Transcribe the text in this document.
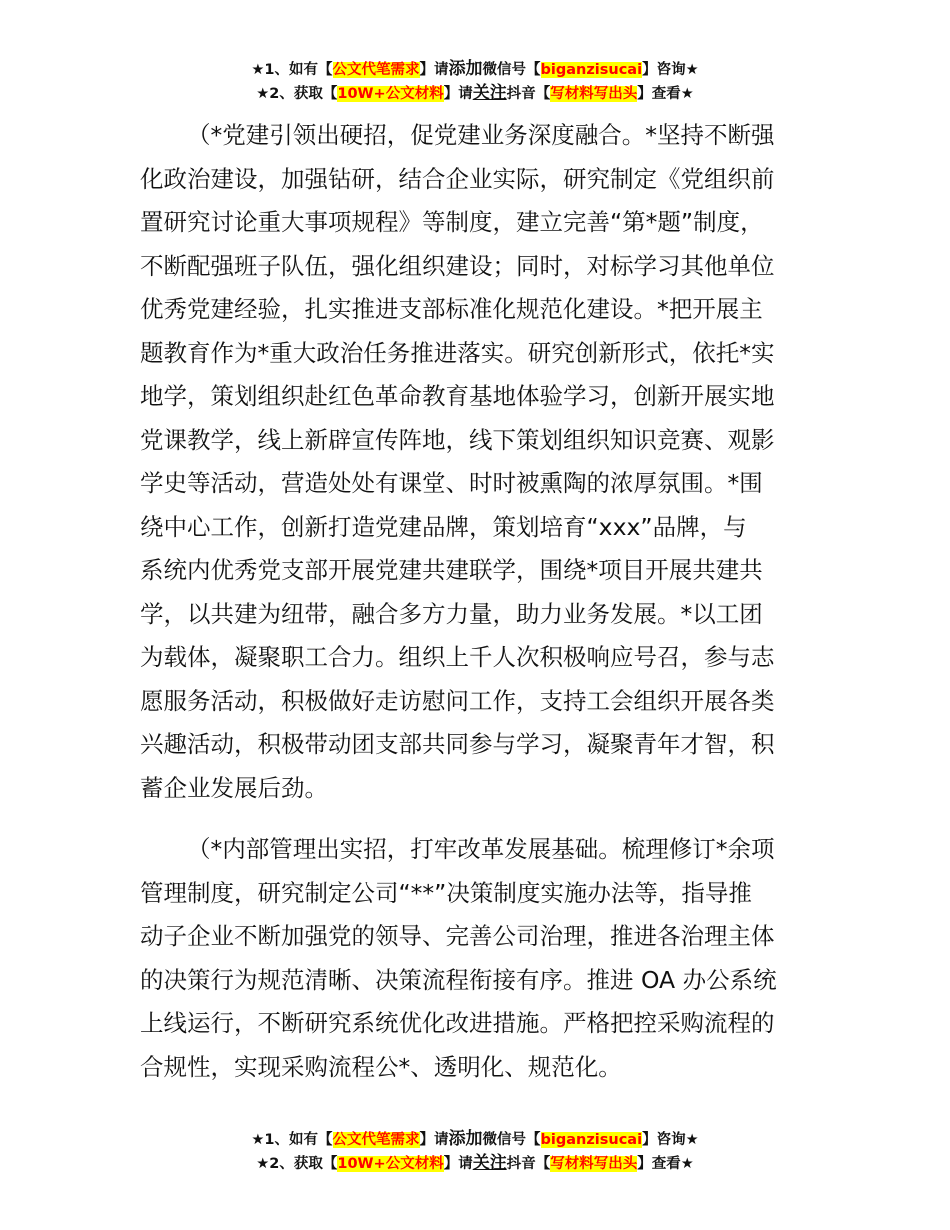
★1、如有【公文代笔需求】请添加微信号【biganzisucai】咨询★
★2、获取【10W+公文材料】请关注抖音【写材料写出头】查看★

（*党建引领出硬招，促党建业务深度融合。*坚持不断强
化政治建设，加强钻研，结合企业实际，研究制定《党组织前
置研究讨论重大事项规程》等制度，建立完善“第*题”制度，
不断配强班子队伍，强化组织建设；同时，对标学习其他单位
优秀党建经验，扎实推进支部标准化规范化建设。*把开展主
题教育作为*重大政治任务推进落实。研究创新形式，依托*实
地学，策划组织赴红色革命教育基地体验学习，创新开展实地
党课教学，线上新辟宣传阵地，线下策划组织知识竞赛、观影
学史等活动，营造处处有课堂、时时被熏陶的浓厚氛围。*围
绕中心工作，创新打造党建品牌，策划培育“xxx”品牌，与
系统内优秀党支部开展党建共建联学，围绕*项目开展共建共
学，以共建为纽带，融合多方力量，助力业务发展。*以工团
为载体，凝聚职工合力。组织上千人次积极响应号召，参与志
愿服务活动，积极做好走访慰问工作，支持工会组织开展各类
兴趣活动，积极带动团支部共同参与学习，凝聚青年才智，积
蓄企业发展后劲。

（*内部管理出实招，打牢改革发展基础。梳理修订*余项
管理制度，研究制定公司“**”决策制度实施办法等，指导推
动子企业不断加强党的领导、完善公司治理，推进各治理主体
的决策行为规范清晰、决策流程衔接有序。推进 OA 办公系统
上线运行，不断研究系统优化改进措施。严格把控采购流程的
合规性，实现采购流程公*、透明化、规范化。

★1、如有【公文代笔需求】请添加微信号【biganzisucai】咨询★
★2、获取【10W+公文材料】请关注抖音【写材料写出头】查看★
